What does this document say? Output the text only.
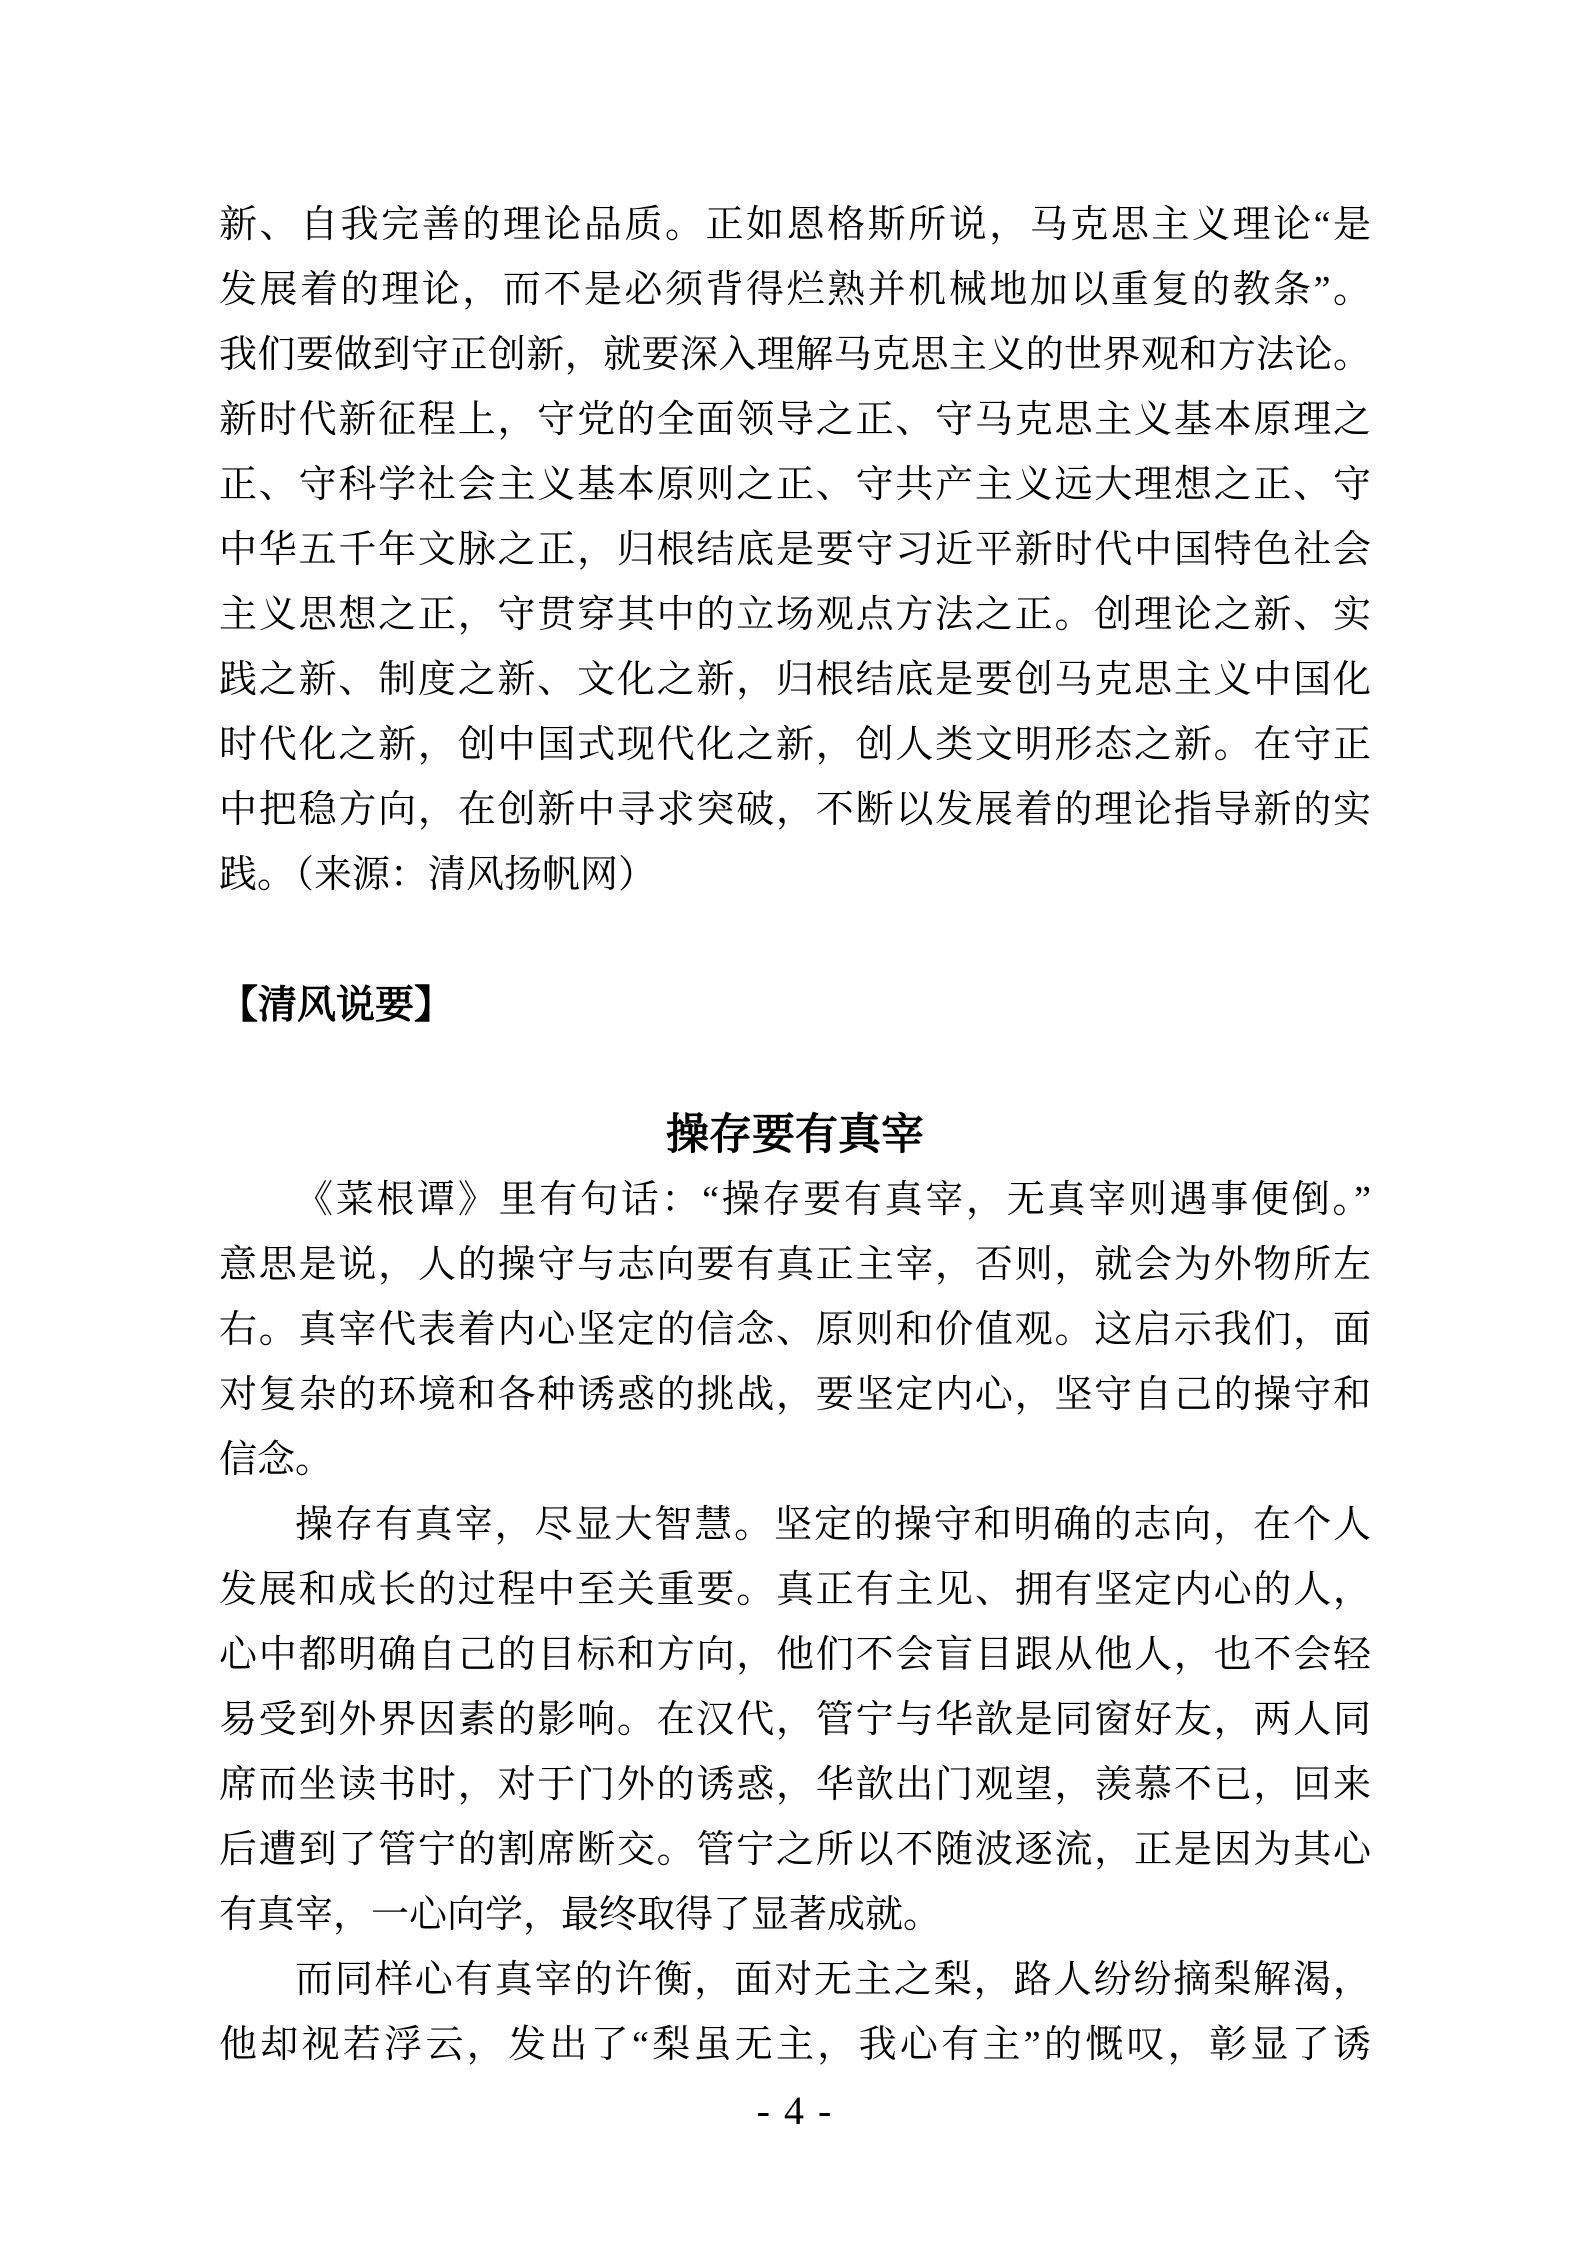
新、自我完善的理论品质。正如恩格斯所说，马克思主义理论“是
发展着的理论，而不是必须背得烂熟并机械地加以重复的教条”。
我们要做到守正创新，就要深入理解马克思主义的世界观和方法论。
新时代新征程上，守党的全面领导之正、守马克思主义基本原理之
正、守科学社会主义基本原则之正、守共产主义远大理想之正、守
中华五千年文脉之正，归根结底是要守习近平新时代中国特色社会
主义思想之正，守贯穿其中的立场观点方法之正。创理论之新、实
践之新、制度之新、文化之新，归根结底是要创马克思主义中国化
时代化之新，创中国式现代化之新，创人类文明形态之新。在守正
中把稳方向，在创新中寻求突破，不断以发展着的理论指导新的实
践。（来源：清风扬帆网）
【清风说要】
操存要有真宰
《菜根谭》里有句话：“操存要有真宰，无真宰则遇事便倒。”
意思是说，人的操守与志向要有真正主宰，否则，就会为外物所左
右。真宰代表着内心坚定的信念、原则和价值观。这启示我们，面
对复杂的环境和各种诱惑的挑战，要坚定内心，坚守自己的操守和
信念。
操存有真宰，尽显大智慧。坚定的操守和明确的志向，在个人
发展和成长的过程中至关重要。真正有主见、拥有坚定内心的人，
心中都明确自己的目标和方向，他们不会盲目跟从他人，也不会轻
易受到外界因素的影响。在汉代，管宁与华歆是同窗好友，两人同
席而坐读书时，对于门外的诱惑，华歆出门观望，羡慕不已，回来
后遭到了管宁的割席断交。管宁之所以不随波逐流，正是因为其心
有真宰，一心向学，最终取得了显著成就。
而同样心有真宰的许衡，面对无主之梨，路人纷纷摘梨解渴，
他却视若浮云，发出了“梨虽无主，我心有主”的慨叹，彰显了诱
- 4 -
